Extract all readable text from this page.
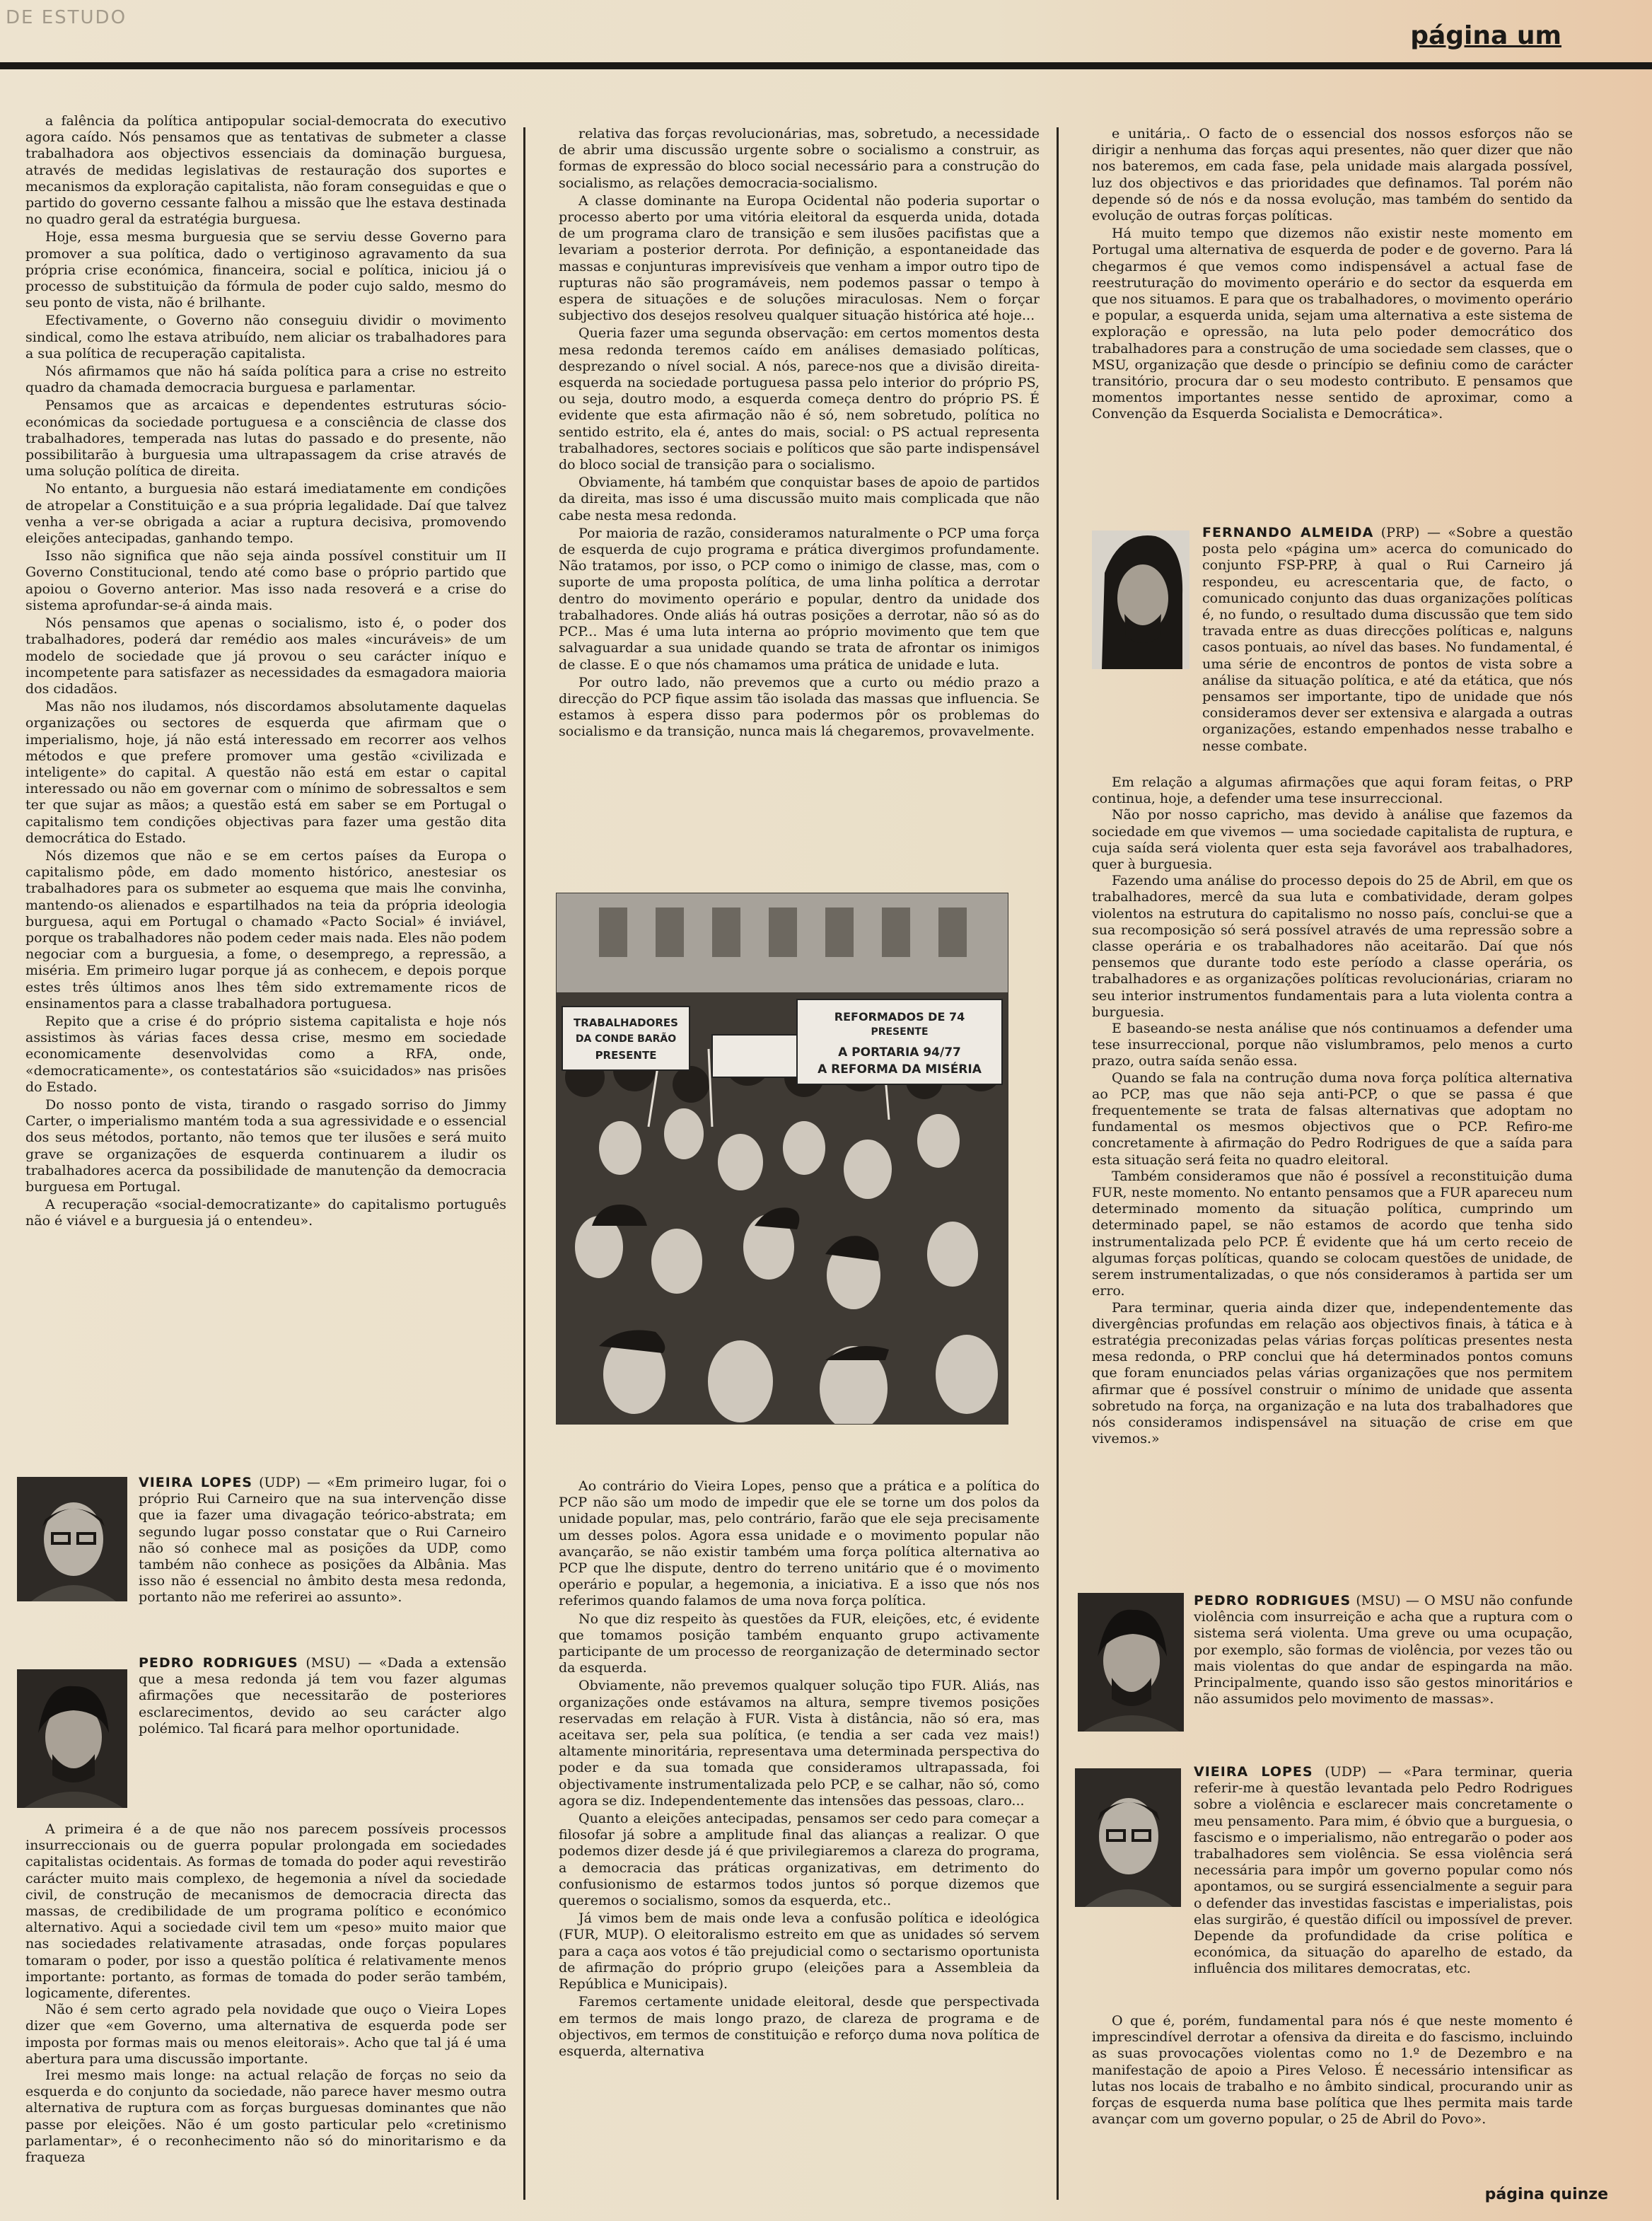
DE ESTUDO
página um

a falência da política antipopular social-democrata do executivo agora caído. Nós pensamos que as tentativas de submeter a classe trabalhadora aos objectivos essenciais da dominação burguesa, através de medidas legislativas de restauração dos suportes e mecanismos da exploração capitalista, não foram conseguidas e que o partido do governo cessante falhou a missão que lhe estava destinada no quadro geral da estratégia burguesa.

Hoje, essa mesma burguesia que se serviu desse Governo para promover a sua política, dado o vertiginoso agravamento da sua própria crise económica, financeira, social e política, iniciou já o processo de substituição da fórmula de poder cujo saldo, mesmo do seu ponto de vista, não é brilhante.

Efectivamente, o Governo não conseguiu dividir o movimento sindical, como lhe estava atribuído, nem aliciar os trabalhadores para a sua política de recuperação capitalista.

Nós afirmamos que não há saída política para a crise no estreito quadro da chamada democracia burguesa e parlamentar.

Pensamos que as arcaicas e dependentes estruturas sócio-económicas da sociedade portuguesa e a consciência de classe dos trabalhadores, temperada nas lutas do passado e do presente, não possibilitarão à burguesia uma ultrapassagem da crise através de uma solução política de direita.

No entanto, a burguesia não estará imediatamente em condições de atropelar a Constituição e a sua própria legalidade. Daí que talvez venha a ver-se obrigada a aciar a ruptura decisiva, promovendo eleições antecipadas, ganhando tempo.

Isso não significa que não seja ainda possível constituir um II Governo Constitucional, tendo até como base o próprio partido que apoiou o Governo anterior. Mas isso nada resoverá e a crise do sistema aprofundar-se-á ainda mais.

Nós pensamos que apenas o socialismo, isto é, o poder dos trabalhadores, poderá dar remédio aos males «incuráveis» de um modelo de sociedade que já provou o seu carácter iníquo e incompetente para satisfazer as necessidades da esmagadora maioria dos cidadãos.

Mas não nos iludamos, nós discordamos absolutamente daquelas organizações ou sectores de esquerda que afirmam que o imperialismo, hoje, já não está interessado em recorrer aos velhos métodos e que prefere promover uma gestão «civilizada e inteligente» do capital. A questão não está em estar o capital interessado ou não em governar com o mínimo de sobressaltos e sem ter que sujar as mãos; a questão está em saber se em Portugal o capitalismo tem condições objectivas para fazer uma gestão dita democrática do Estado.

Nós dizemos que não e se em certos países da Europa o capitalismo pôde, em dado momento histórico, anestesiar os trabalhadores para os submeter ao esquema que mais lhe convinha, mantendo-os alienados e espartilhados na teia da própria ideologia burguesa, aqui em Portugal o chamado «Pacto Social» é inviável, porque os trabalhadores não podem ceder mais nada. Eles não podem negociar com a burguesia, a fome, o desemprego, a repressão, a miséria. Em primeiro lugar porque já as conhecem, e depois porque estes três últimos anos lhes têm sido extremamente ricos de ensinamentos para a classe trabalhadora portuguesa.

Repito que a crise é do próprio sistema capitalista e hoje nós assistimos às várias faces dessa crise, mesmo em sociedade economicamente desenvolvidas como a RFA, onde, «democraticamente», os contestatários são «suicidados» nas prisões do Estado.

Do nosso ponto de vista, tirando o rasgado sorriso do Jimmy Carter, o imperialismo mantém toda a sua agressividade e o essencial dos seus métodos, portanto, não temos que ter ilusões e será muito grave se organizações de esquerda continuarem a iludir os trabalhadores acerca da possibilidade de manutenção da democracia burguesa em Portugal.

A recuperação «social-democratizante» do capitalismo português não é viável e a burguesia já o entendeu».

VIEIRA LOPES (UDP) — «Em primeiro lugar, foi o próprio Rui Carneiro que na sua intervenção disse que ia fazer uma divagação teórico-abstrata; em segundo lugar posso constatar que o Rui Carneiro não só conhece mal as posições da UDP, como também não conhece as posições da Albânia. Mas isso não é essencial no âmbito desta mesa redonda, portanto não me referirei ao assunto».
PEDRO RODRIGUES (MSU) — «Dada a extensão que a mesa redonda já tem vou fazer algumas afirmações que necessitarão de posteriores esclarecimentos, devido ao seu carácter algo polémico. Tal ficará para melhor oportunidade.

A primeira é a de que não nos parecem possíveis processos insurreccionais ou de guerra popular prolongada em sociedades capitalistas ocidentais. As formas de tomada do poder aqui revestirão carácter muito mais complexo, de hegemonia a nível da sociedade civil, de construção de mecanismos de democracia directa das massas, de credibilidade de um programa político e económico alternativo. Aqui a sociedade civil tem um «peso» muito maior que nas sociedades relativamente atrasadas, onde forças populares tomaram o poder, por isso a questão política é relativamente menos importante: portanto, as formas de tomada do poder serão também, logicamente, diferentes.

Não é sem certo agrado pela novidade que ouço o Vieira Lopes dizer que «em Governo, uma alternativa de esquerda pode ser imposta por formas mais ou menos eleitorais». Acho que tal já é uma abertura para uma discussão importante.

Irei mesmo mais longe: na actual relação de forças no seio da esquerda e do conjunto da sociedade, não parece haver mesmo outra alternativa de ruptura com as forças burguesas dominantes que não passe por eleições. Não é um gosto particular pelo «cretinismo parlamentar», é o reconhecimento não só do minoritarismo e da fraqueza

relativa das forças revolucionárias, mas, sobretudo, a necessidade de abrir uma discussão urgente sobre o socialismo a construir, as formas de expressão do bloco social necessário para a construção do socialismo, as relações democracia-socialismo.

A classe dominante na Europa Ocidental não poderia suportar o processo aberto por uma vitória eleitoral da esquerda unida, dotada de um programa claro de transição e sem ilusões pacifistas que a levariam a posterior derrota. Por definição, a espontaneidade das massas e conjunturas imprevisíveis que venham a impor outro tipo de rupturas não são programáveis, nem podemos passar o tempo à espera de situações e de soluções miraculosas. Nem o forçar subjectivo dos desejos resolveu qualquer situação histórica até hoje...

Queria fazer uma segunda observação: em certos momentos desta mesa redonda teremos caído em análises demasiado políticas, desprezando o nível social. A nós, parece-nos que a divisão direita-esquerda na sociedade portuguesa passa pelo interior do próprio PS, ou seja, doutro modo, a esquerda começa dentro do próprio PS. É evidente que esta afirmação não é só, nem sobretudo, política no sentido estrito, ela é, antes do mais, social: o PS actual representa trabalhadores, sectores sociais e políticos que são parte indispensável do bloco social de transição para o socialismo.

Obviamente, há também que conquistar bases de apoio de partidos da direita, mas isso é uma discussão muito mais complicada que não cabe nesta mesa redonda.

Por maioria de razão, consideramos naturalmente o PCP uma força de esquerda de cujo programa e prática divergimos profundamente. Não tratamos, por isso, o PCP como o inimigo de classe, mas, com o suporte de uma proposta política, de uma linha política a derrotar dentro do movimento operário e popular, dentro da unidade dos trabalhadores. Onde aliás há outras posições a derrotar, não só as do PCP... Mas é uma luta interna ao próprio movimento que tem que salvaguardar a sua unidade quando se trata de afrontar os inimigos de classe. E o que nós chamamos uma prática de unidade e luta.

Por outro lado, não prevemos que a curto ou médio prazo a direcção do PCP fique assim tão isolada das massas que influencia. Se estamos à espera disso para podermos pôr os problemas do socialismo e da transição, nunca mais lá chegaremos, provavelmente.

TRABALHADORES
DA CONDE BARÃO
PRESENTE
REFORMADOS DE 74
PRESENTE
A PORTARIA 94/77
A REFORMA DA MISÉRIA

Ao contrário do Vieira Lopes, penso que a prática e a política do PCP não são um modo de impedir que ele se torne um dos polos da unidade popular, mas, pelo contrário, farão que ele seja precisamente um desses polos. Agora essa unidade e o movimento popular não avançarão, se não existir também uma força política alternativa ao PCP que lhe dispute, dentro do terreno unitário que é o movimento operário e popular, a hegemonia, a iniciativa. E a isso que nós nos referimos quando falamos de uma nova força política.

No que diz respeito às questões da FUR, eleições, etc, é evidente que tomamos posição também enquanto grupo activamente participante de um processo de reorganização de determinado sector da esquerda.

Obviamente, não prevemos qualquer solução tipo FUR. Aliás, nas organizações onde estávamos na altura, sempre tivemos posições reservadas em relação à FUR. Vista à distância, não só era, mas aceitava ser, pela sua política, (e tendia a ser cada vez mais!) altamente minoritária, representava uma determinada perspectiva do poder e da sua tomada que consideramos ultrapassada, foi objectivamente instrumentalizada pelo PCP, e se calhar, não só, como agora se diz. Independentemente das intensões das pessoas, claro...

Quanto a eleições antecipadas, pensamos ser cedo para começar a filosofar já sobre a amplitude final das alianças a realizar. O que podemos dizer desde já é que privilegiaremos a clareza do programa, a democracia das práticas organizativas, em detrimento do confusionismo de estarmos todos juntos só porque dizemos que queremos o socialismo, somos da esquerda, etc..

Já vimos bem de mais onde leva a confusão política e ideológica (FUR, MUP). O eleitoralismo estreito em que as unidades só servem para a caça aos votos é tão prejudicial como o sectarismo oportunista de afirmação do próprio grupo (eleições para a Assembleia da República e Municipais).

Faremos certamente unidade eleitoral, desde que perspectivada em termos de mais longo prazo, de clareza de programa e de objectivos, em termos de constituição e reforço duma nova política de esquerda, alternativa

e unitária,. O facto de o essencial dos nossos esforços não se dirigir a nenhuma das forças aqui presentes, não quer dizer que não nos bateremos, em cada fase, pela unidade mais alargada possível, luz dos objectivos e das prioridades que definamos. Tal porém não depende só de nós e da nossa evolução, mas também do sentido da evolução de outras forças políticas.

Há muito tempo que dizemos não existir neste momento em Portugal uma alternativa de esquerda de poder e de governo. Para lá chegarmos é que vemos como indispensável a actual fase de reestruturação do movimento operário e do sector da esquerda em que nos situamos. E para que os trabalhadores, o movimento operário e popular, a esquerda unida, sejam uma alternativa a este sistema de exploração e opressão, na luta pelo poder democrático dos trabalhadores para a construção de uma sociedade sem classes, que o MSU, organização que desde o princípio se definiu como de carácter transitório, procura dar o seu modesto contributo. E pensamos que momentos importantes nesse sentido de aproximar, como a Convenção da Esquerda Socialista e Democrática».

FERNANDO ALMEIDA (PRP) — «Sobre a questão posta pelo «página um» acerca do comunicado do conjunto FSP-PRP, à qual o Rui Carneiro já respondeu, eu acrescentaria que, de facto, o comunicado conjunto das duas organizações políticas é, no fundo, o resultado duma discussão que tem sido travada entre as duas direcções políticas e, nalguns casos pontuais, ao nível das bases. No fundamental, é uma série de encontros de pontos de vista sobre a análise da situação política, e até da etática, que nós pensamos ser importante, tipo de unidade que nós consideramos dever ser extensiva e alargada a outras organizações, estando empenhados nesse trabalho e nesse combate.

Em relação a algumas afirmações que aqui foram feitas, o PRP continua, hoje, a defender uma tese insurreccional.

Não por nosso capricho, mas devido à análise que fazemos da sociedade em que vivemos — uma sociedade capitalista de ruptura, e cuja saída será violenta quer esta seja favorável aos trabalhadores, quer à burguesia.

Fazendo uma análise do processo depois do 25 de Abril, em que os trabalhadores, mercê da sua luta e combatividade, deram golpes violentos na estrutura do capitalismo no nosso país, conclui-se que a sua recomposição só será possível através de uma repressão sobre a classe operária e os trabalhadores não aceitarão. Daí que nós pensemos que durante todo este período a classe operária, os trabalhadores e as organizações políticas revolucionárias, criaram no seu interior instrumentos fundamentais para a luta violenta contra a burguesia.

E baseando-se nesta análise que nós continuamos a defender uma tese insurreccional, porque não vislumbramos, pelo menos a curto prazo, outra saída senão essa.

Quando se fala na contrução duma nova força política alternativa ao PCP, mas que não seja anti-PCP, o que se passa é que frequentemente se trata de falsas alternativas que adoptam no fundamental os mesmos objectivos que o PCP. Refiro-me concretamente à afirmação do Pedro Rodrigues de que a saída para esta situação será feita no quadro eleitoral.

Também consideramos que não é possível a reconstituição duma FUR, neste momento. No entanto pensamos que a FUR apareceu num determinado momento da situação política, cumprindo um determinado papel, se não estamos de acordo que tenha sido instrumentalizada pelo PCP. É evidente que há um certo receio de algumas forças políticas, quando se colocam questões de unidade, de serem instrumentalizadas, o que nós consideramos à partida ser um erro.

Para terminar, queria ainda dizer que, independentemente das divergências profundas em relação aos objectivos finais, à tática e à estratégia preconizadas pelas várias forças políticas presentes nesta mesa redonda, o PRP conclui que há determinados pontos comuns que foram enunciados pelas várias organizações que nos permitem afirmar que é possível construir o mínimo de unidade que assenta sobretudo na força, na organização e na luta dos trabalhadores que nós consideramos indispensável na situação de crise em que vivemos.»

PEDRO RODRIGUES (MSU) — O MSU não confunde violência com insurreição e acha que a ruptura com o sistema será violenta. Uma greve ou uma ocupação, por exemplo, são formas de violência, por vezes tão ou mais violentas do que andar de espingarda na mão. Principalmente, quando isso são gestos minoritários e não assumidos pelo movimento de massas».
VIEIRA LOPES (UDP) — «Para terminar, queria referir-me à questão levantada pelo Pedro Rodrigues sobre a violência e esclarecer mais concretamente o meu pensamento. Para mim, é óbvio que a burguesia, o fascismo e o imperialismo, não entregarão o poder aos trabalhadores sem violência. Se essa violência será necessária para impôr um governo popular como nós apontamos, ou se surgirá essencialmente a seguir para o defender das investidas fascistas e imperialistas, pois elas surgirão, é questão difícil ou impossível de prever. Depende da profundidade da crise política e económica, da situação do aparelho de estado, da influência dos militares democratas, etc.

O que é, porém, fundamental para nós é que neste momento é imprescindível derrotar a ofensiva da direita e do fascismo, incluindo as suas provocações violentas como no 1.º de Dezembro e na manifestação de apoio a Pires Veloso. É necessário intensificar as lutas nos locais de trabalho e no âmbito sindical, procurando unir as forças de esquerda numa base política que lhes permita mais tarde avançar com um governo popular, o 25 de Abril do Povo».

página quinze
